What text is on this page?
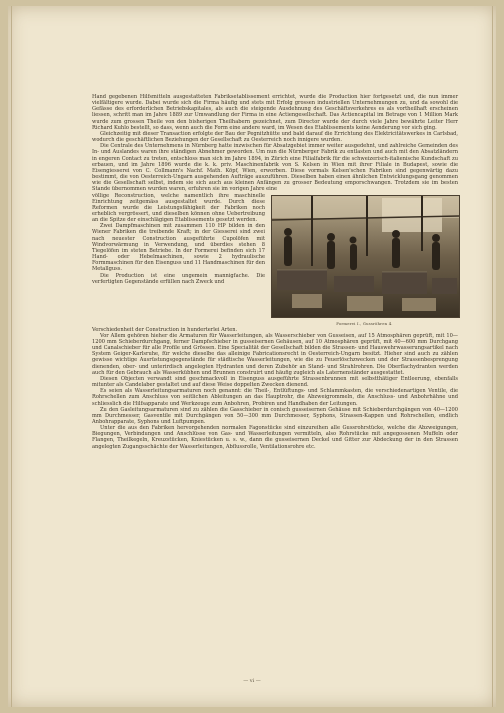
Hand gegebenen Hilfsmitteln ausgestatteten Fabriksetablissement errichtet, wurde die Production hier fortgesetzt und, die nun immer vielfältigere wurde. Dabei wurde sich die Firma häufig und stets mit Erfolg grossen industriellen Unternehmungen zu, und da sowohl die Gefässe des erforderlichen Betriebskapitales, als auch die steigende Ausdehnung des Geschäftsverkehres es als vortheilhaft erscheinen liessen, schritt man im Jahre 1889 zur Umwandlung der Firma in eine Actiengesellschaft. Das Actiencapital im Betrage von 1 Million Mark wurde zum grossen Theile von den bisherigen Theilhabern gezeichnet, zum Director wurde der durch viele Jahre bewährte Leiter Herr Richard Kuhlo bestellt, so dass, wenn auch die Form eine andere ward, im Wesen des Etablissements keine Aenderung vor sich ging.

Gleichzeitig mit dieser Transaction erfolgte der Bau der Pegnitzhütte und bald darauf die Errichtung des Elektricitätswerkes in Carlsbad, wodurch die geschäftlichen Beziehungen der Gesellschaft zu Oesterreich noch innigere wurden.

Die Centrale des Unternehmens in Nürnberg hatte inzwischen für Absatzgebiet immer weiter ausgedehnt, und zahlreiche Gemeinden des In- und Auslandes waren ihre ständigen Abnehmer geworden. Um nun die Nürnberger Fabrik zu entlasten und auch mit den Absatzländern in engeren Contact zu treten, entschloss man sich im Jahre 1894, in Zürich eine Filialfabrik für die schweizerisch-italienische Kundschaft zu erbauen, und im Jahre 1896 wurde die k. k. priv. Maschinenfabrik von S. Kelsen in Wien mit ihrer Filiale in Budapest, sowie die Eisengiesserei von C. Collmann's Nachf. Math. Köpf, Wien, erworben. Diese vormals Kelsen'schen Fabriken sind gegenwärtig dazu bestimmt, die von Oesterreich-Ungarn ausgehenden Aufträge auszuführen. Dieselben haben einen ähnlichen Entwicklungsgang genommen wie die Gesellschaft selbst, indem sie sich auch aus kleinen Anfängen zu grosser Bedeutung emporschwangen. Trotzdem sie im besten Stande übernommen wurden waren, erfuhren sie im vorigen Jahre eine

völlige Reconstruction, welche namentlich ihre maschinelle Einrichtung zeitgemäss ausgestaltet wurde. Durch diese Reformen wurde die Leistungsfähigkeit der Fabriken noch erheblich vergrössert, und dieselben können ohne Uebertreibung an die Spitze der einschlägigen Etablissements gesetzt werden.

Zwei Dampfmaschinen mit zusammen 110 HP bilden in den Wiener Fabriken die treibende Kraft; in der Giesserei sind zwei nach neuester Construction ausgeführte Cupolöfen mit Windvorwärmung in Verwendung, und überdies stehen 8 Tiegelöfen im steten Betriebe. In der Formerei befinden sich 17 Hand- oder Hebelmaschinen, sowie 2 hydraulische Formmaschinen für den Eisenguss und 11 Handmaschinen für den Metallguss.

Die Production ist eine ungemein mannigfache. Die verfertigten Gegenstände erfüllen nach Zweck und

Formerei I., Gussröhren 4.

Verschiedenheit der Construction in hunderterlei Arten.

Vor Allem gehören hieher die Armaturen für Wasserleitungen, als Wasserschieber von Gusseisen, auf 15 Atmosphären geprüft, mit 10—1200 mm Schieberdurchgang, ferner Dampfschieber in gusseisernen Gehäusen, auf 10 Atmosphären geprüft, mit 40—600 mm Durchgang und Canalschieber für alle Profile und Grössen. Eine Specialität der Gesellschaft bilden die Strassen- und Hauswehrwasserungsartikel nach System Geiger-Karlsruhe, für welche dieselbe das alleinige Fabricationsrecht in Oesterreich-Ungarn besitzt. Hieher sind auch zu zählen gewisse wichtige Ausrüstungsgegenstände für städtische Wasserleitungen, wie die zu Feuerlöschzwecken und der Strassenbesprengung dienenden, ober- und unterirdisch angelegten Hydranten und deren Zubehör an Stand- und Strahlrohren. Die Oberflachydranten werden auch für den Gebrauch als Wasserkübhen und Brunnen construirt und häufig zugleich als Laternenständer ausgestattet.

Diesen Objecten verwandt sind geschmackvoll in Eisenguss ausgeführte Strassenbrunnen mit selbstthätiger Entleerung, ebenfalls mitunter als Candelaber gestaltet und auf diese Weise doppelten Zwecken dienend.

Es seien als Wasserleitungsarmaturen noch genannt: die Theil-, Entlüftungs- und Schlammkasten, die verschiedenartigen Ventile, die Rohrschellen zum Anschluss von seitlichen Ableitungen an das Hauptrohr, die Abzweigrommeln, die Anschluss- und Anbohrhähne und schliesslich die Hilfsapparate und Werkzeuge zum Anbohren, Probiren und Handhaben der Leitungen.

Zu den Gasleitungsarmaturen sind zu zählen die Gasschieber in conisch gusseisernen Gehäuse mit Schieberdurchgängen von 40—1200 mm Durchmesser, Gasventile mit Durchgängen von 50—300 mm Durchmesser, Syphons, Strassen-Kappen und Rohrschellen, endlich Anbohrapparate, Syphons und Luftpumpen.

Unter die aus den Fabriken hervorgehenden normalen Fagonstücke sind einzureihen alle Gussrohrstücke, welche die Abzweigungen, Biegungen, Verbindungen und Anschlüsse von Gas- und Wasserleitungen vermitteln, also Rohrstücke mit angegossenen Muffeln oder Flangen, Theilkegeln, Kreuzstücken, Kniestücken u. s. w., dann die gusseisernen Deckel und Gitter zur Abdeckung der in den Strassen angelegten Zugangsschächte der Wasserleitungen, Abflussrolle, Ventilationsrohre etc.

— vi —
